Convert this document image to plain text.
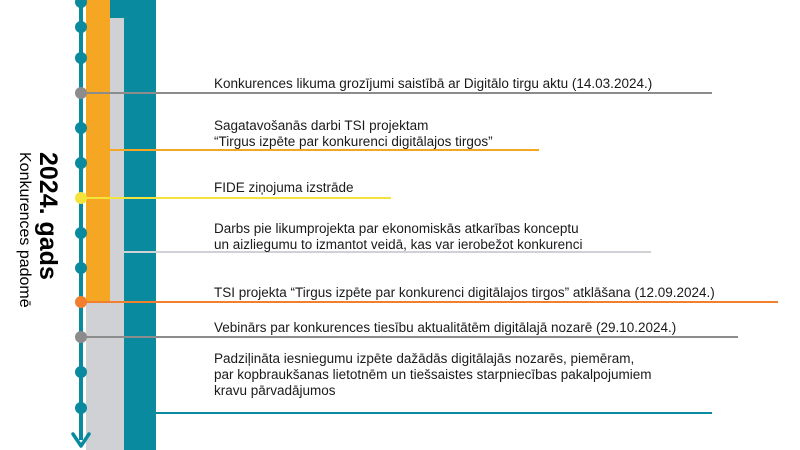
2024. gads
Konkurences padomē
Konkurences likuma grozījumi saistībā ar Digitālo tirgu aktu (14.03.2024.)
Sagatavošanās darbi TSI projektam
“Tirgus izpēte par konkurenci digitālajos tirgos”
FIDE ziņojuma izstrāde
Darbs pie likumprojekta par ekonomiskās atkarības konceptu
un aizliegumu to izmantot veidā, kas var ierobežot konkurenci
TSI projekta “Tirgus izpēte par konkurenci digitālajos tirgos” atklāšana (12.09.2024.)
Vebinārs par konkurences tiesību aktualitātēm digitālajā nozarē (29.10.2024.)
Padziļināta iesniegumu izpēte dažādās digitālajās nozarēs, piemēram,
par kopbraukšanas lietotnēm un tiešsaistes starpniecības pakalpojumiem
kravu pārvadājumos
